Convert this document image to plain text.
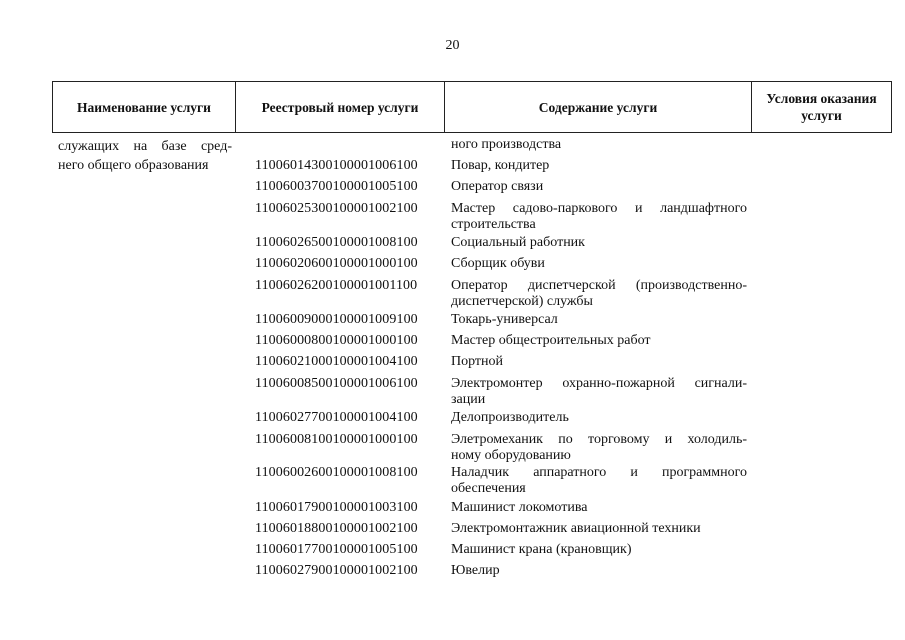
20
Наименование услуги	Реестровый номер услуги	Содержание услуги
Условия оказания услуги
служащих на базе сред-
него общего образования
ного производства
11006014300100001006100 Повар, кондитер
11006003700100001005100 Оператор связи
11006025300100001002100 Мастер садово-паркового и ландшафтного
строительства
11006026500100001008100 Социальный работник
11006020600100001000100 Сборщик обуви
11006026200100001001100 Оператор диспетчерской (производственно-
диспетчерской) службы
11006009000100001009100 Токарь-универсал
11006000800100001000100 Мастер общестроительных работ
11006021000100001004100 Портной
11006008500100001006100 Электромонтер охранно-пожарной сигнали-
зации
11006027700100001004100 Делопроизводитель
11006008100100001000100 Элетромеханик по торговому и холодиль-
ному оборудованию
11006002600100001008100 Наладчик аппаратного и программного
обеспечения
11006017900100001003100 Машинист локомотива
11006018800100001002100 Электромонтажник авиационной техники
11006017700100001005100 Машинист крана (крановщик)
11006027900100001002100 Ювелир
